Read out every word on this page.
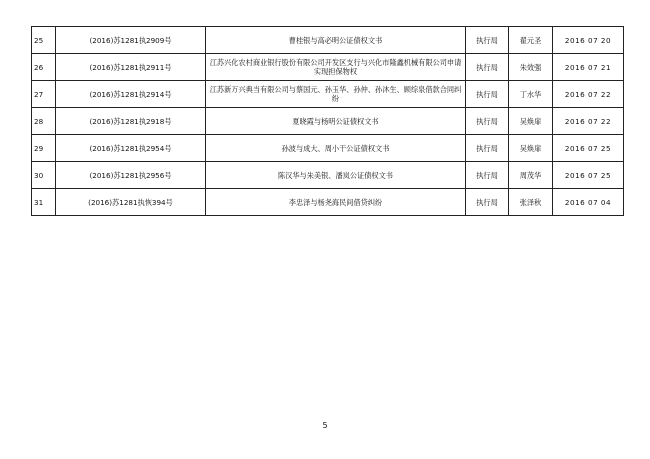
25	(2016)苏1281执2909号	曹桂银与高必明公证债权文书	执行局	翟元圣	2016 07 20
26	(2016)苏1281执2911号	江苏兴化农村商业银行股份有限公司开发区支行与兴化市隆鑫机械有限公司申请实现担保物权	执行局	朱效强	2016 07 21
27	(2016)苏1281执2914号	江苏新万兴典当有限公司与蔡国元、孙玉华、孙仲、孙沐生、顾综泉借款合同纠纷	执行局	丁水华	2016 07 22
28	(2016)苏1281执2918号	夏晓霞与杨明公证债权文书	执行局	吴焕扉	2016 07 22
29	(2016)苏1281执2954号	孙波与成大、周小干公证债权文书	执行局	吴焕扉	2016 07 25
30	(2016)苏1281执2956号	陈汉华与朱美银、潘岚公证债权文书	执行局	周茂华	2016 07 25
31	(2016)苏1281执恢394号	李忠泽与杨尧海民间借贷纠纷	执行局	张泽秋	2016 07 04
5
